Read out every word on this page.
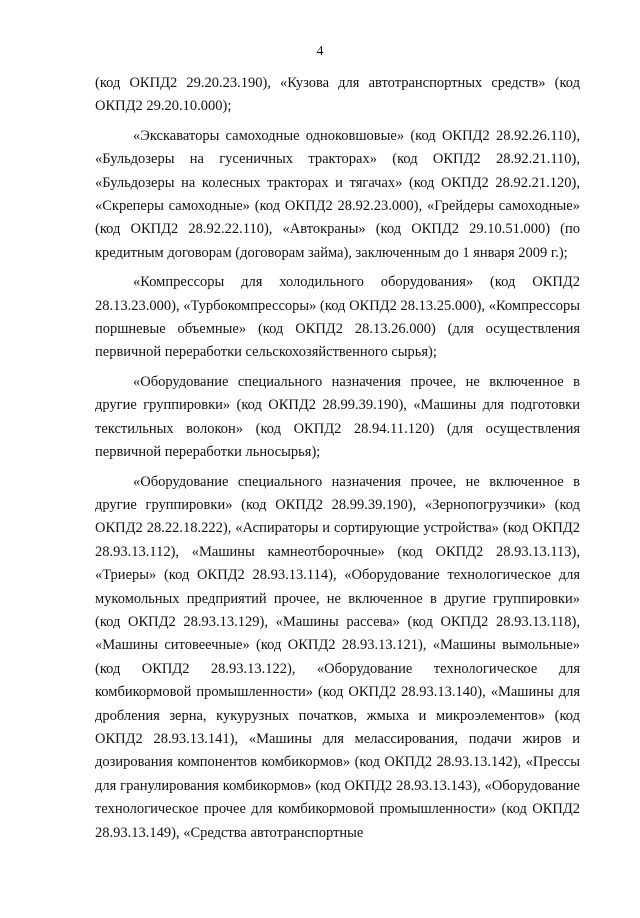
4

(код ОКПД2 29.20.23.190), «Кузова для автотранспортных средств» (код ОКПД2 29.20.10.000);

«Экскаваторы самоходные одноковшовые» (код ОКПД2 28.92.26.110), «Бульдозеры на гусеничных тракторах» (код ОКПД2 28.92.21.110), «Бульдозеры на колесных тракторах и тягачах» (код ОКПД2 28.92.21.120), «Скреперы самоходные» (код ОКПД2 28.92.23.000), «Грейдеры самоходные» (код ОКПД2 28.92.22.110), «Автокраны» (код ОКПД2 29.10.51.000) (по кредитным договорам (договорам займа), заключенным до 1 января 2009 г.);

«Компрессоры для холодильного оборудования» (код ОКПД2 28.13.23.000), «Турбокомпрессоры» (код ОКПД2 28.13.25.000), «Компрессоры поршневые объемные» (код ОКПД2 28.13.26.000) (для осуществления первичной переработки сельскохозяйственного сырья);

«Оборудование специального назначения прочее, не включенное в другие группировки» (код ОКПД2 28.99.39.190), «Машины для подготовки текстильных волокон» (код ОКПД2 28.94.11.120) (для осуществления первичной переработки льносырья);

«Оборудование специального назначения прочее, не включенное в другие группировки» (код ОКПД2 28.99.39.190), «Зернопогрузчики» (код ОКПД2 28.22.18.222), «Аспираторы и сортирующие устройства» (код ОКПД2 28.93.13.112), «Машины камнеотборочные» (код ОКПД2 28.93.13.113), «Триеры» (код ОКПД2 28.93.13.114), «Оборудование технологическое для мукомольных предприятий прочее, не включенное в другие группировки» (код ОКПД2 28.93.13.129), «Машины рассева» (код ОКПД2 28.93.13.118), «Машины ситовеечные» (код ОКПД2 28.93.13.121), «Машины вымольные» (код ОКПД2 28.93.13.122), «Оборудование технологическое для комбикормовой промышленности» (код ОКПД2 28.93.13.140), «Машины для дробления зерна, кукурузных початков, жмыха и микроэлементов» (код ОКПД2 28.93.13.141), «Машины для мелассирования, подачи жиров и дозирования компонентов комбикормов» (код ОКПД2 28.93.13.142), «Прессы для гранулирования комбикормов» (код ОКПД2 28.93.13.143), «Оборудование технологическое прочее для комбикормовой промышленности» (код ОКПД2 28.93.13.149), «Средства автотранспортные
